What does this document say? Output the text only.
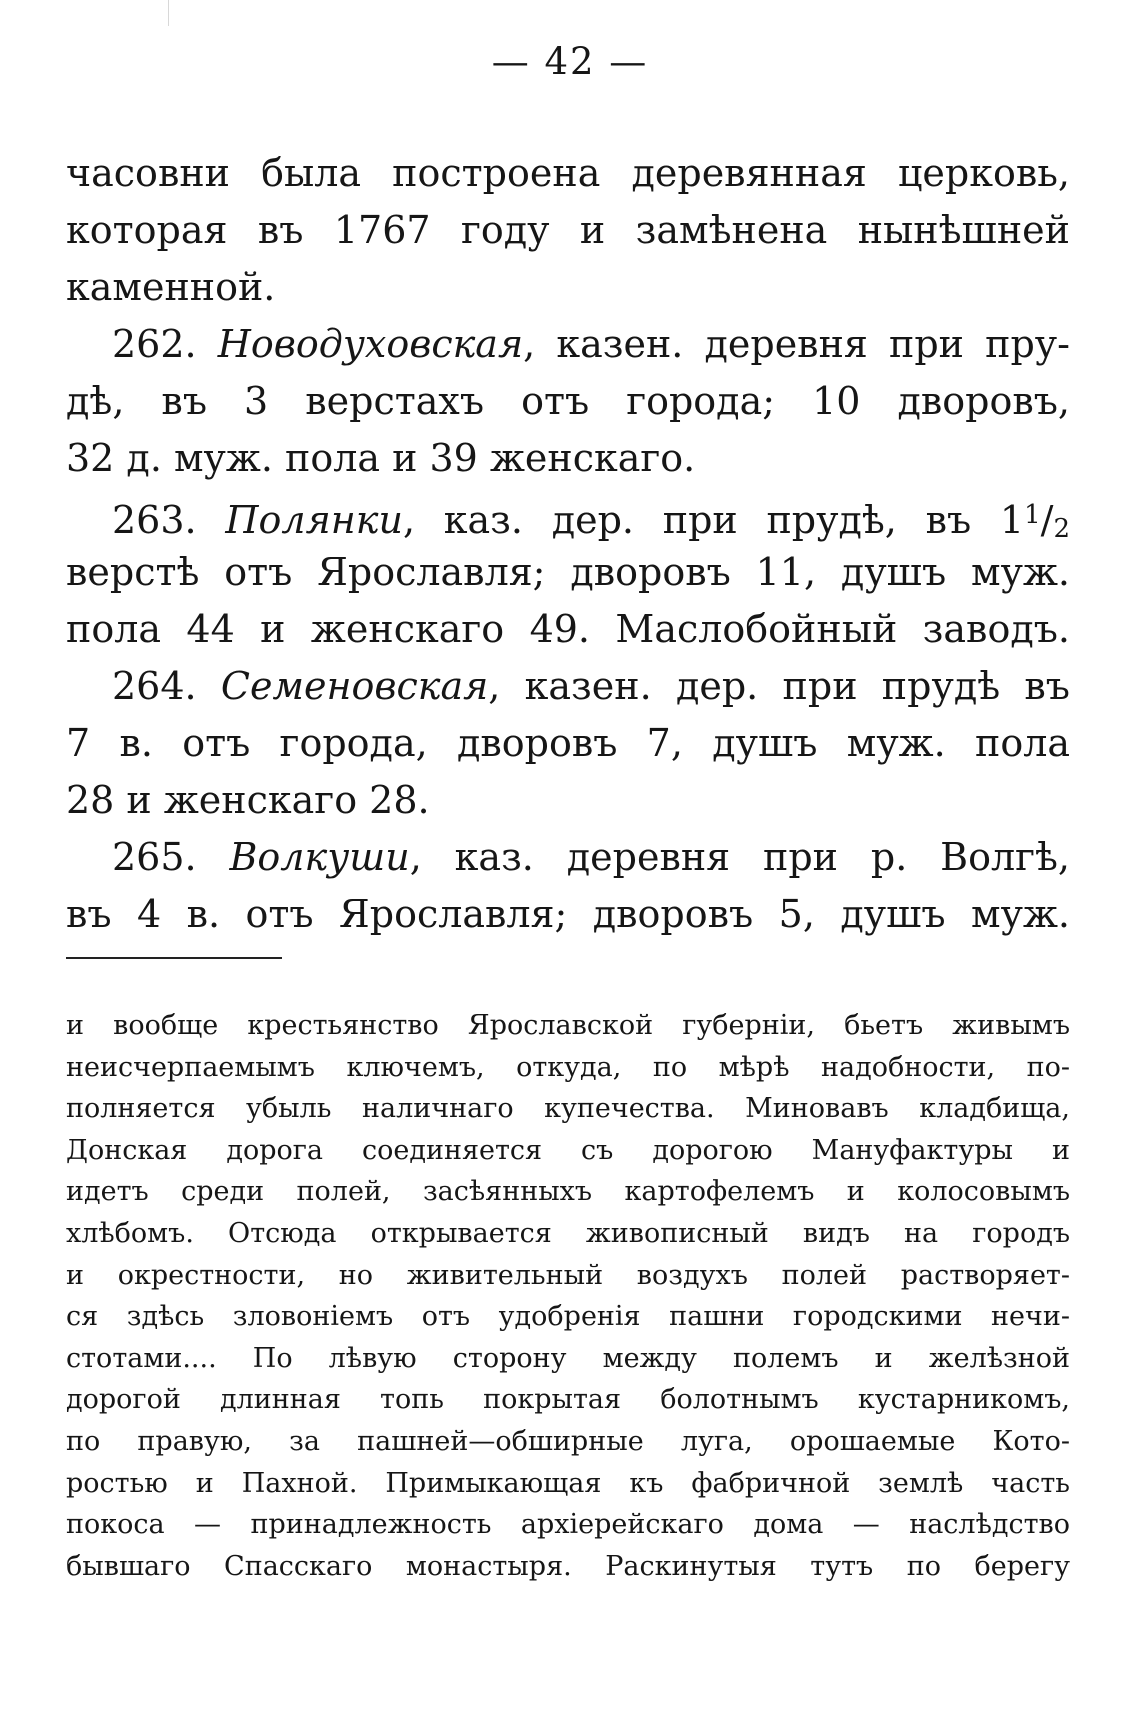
— 42 —
часовни была построена деревянная церковь,
которая въ 1767 году и замѣнена нынѣшней
каменной.
262. Новодуховская, казен. деревня при пру-
дѣ, въ 3 верстахъ отъ города; 10 дворовъ,
32 д. муж. пола и 39 женскаго.
263. Полянки, каз. дер. при прудѣ, въ $1^1/2$
верстѣ отъ Ярославля; дворовъ 11, душъ муж.
пола 44 и женскаго 49. Маслобойный заводъ.
264. Семеновская, казен. дер. при прудѣ въ
7 в. отъ города, дворовъ 7, душъ муж. пола
28 и женскаго 28.
265. Волкуши, каз. деревня при р. Волгѣ,
въ 4 в. отъ Ярославля; дворовъ 5, душъ муж.
и вообще крестьянство Ярославской губерніи, бьетъ живымъ
неисчерпаемымъ ключемъ, откуда, по мѣрѣ надобности, по-
полняется убыль наличнаго купечества. Миновавъ кладбища,
Донская дорога соединяется съ дорогою Мануфактуры и
идетъ среди полей, засѣянныхъ картофелемъ и колосовымъ
хлѣбомъ. Отсюда открывается живописный видъ на городъ
и окрестности, но живительный воздухъ полей растворяет-
ся здѣсь зловоніемъ отъ удобренія пашни городскими нечи-
стотами.... По лѣвую сторону между полемъ и желѣзной
дорогой длинная топь покрытая болотнымъ кустарникомъ,
по правую, за пашней—обширные луга, орошаемые Кото-
ростью и Пахной. Примыкающая къ фабричной землѣ часть
покоса — принадлежность архіерейскаго дома — наслѣдство
бывшаго Спасскаго монастыря. Раскинутыя тутъ по берегу
